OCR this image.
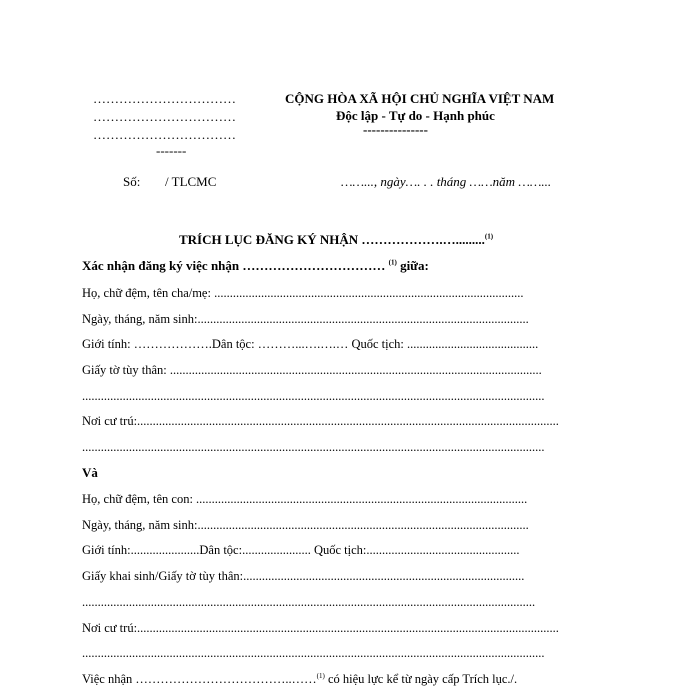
……………………………
……………………………
……………………………
-------
CỘNG HÒA XÃ HỘI CHỦ NGHĨA VIỆT NAM
Độc lập - Tự do - Hạnh phúc
---------------
Số: / TLCMC	……..., ngày…. . . tháng ……năm ……...
TRÍCH LỤC ĐĂNG KÝ NHẬN ……………….….........$^{(1)}$
Xác nhận đăng ký việc nhận …………………………… $^{(1)}$ giữa:
Họ, chữ đệm, tên cha/mẹ: ...................................................................................................
Ngày, tháng, năm sinh:..........................................................................................................
Giới tính: ……………….Dân tộc: ………...….….… Quốc tịch: ..........................................
Giấy tờ tùy thân: .......................................................................................................................
....................................................................................................................................................
Nơi cư trú:.......................................................................................................................................
....................................................................................................................................................
Và
Họ, chữ đệm, tên con: ..........................................................................................................
Ngày, tháng, năm sinh:..........................................................................................................
Giới tính:......................Dân tộc:...................... Quốc tịch:.................................................
Giấy khai sinh/Giấy tờ tùy thân:..........................................................................................
.................................................................................................................................................
Nơi cư trú:.......................................................................................................................................
....................................................................................................................................................
Việc nhận ………………………………..……$^{(1)}$ có hiệu lực kể từ ngày cấp Trích lục./.
